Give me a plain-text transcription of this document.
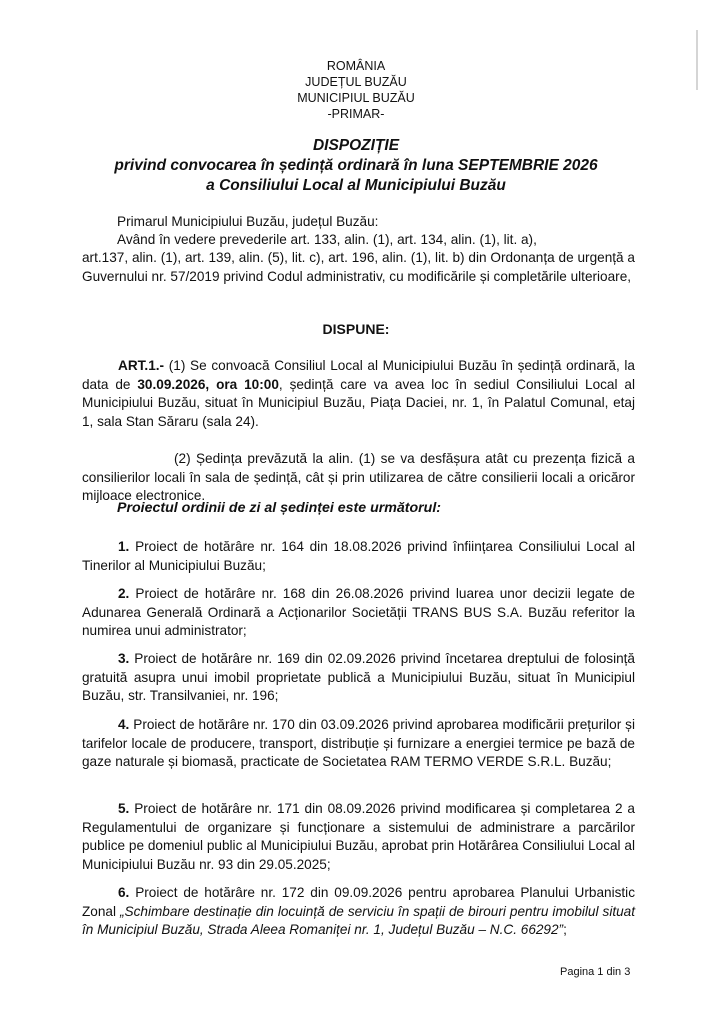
ROMÂNIA
JUDEȚUL BUZĂU
MUNICIPIUL BUZĂU
-PRIMAR-
DISPOZIȚIE
privind convocarea în ședință ordinară în luna SEPTEMBRIE 2026
a Consiliului Local al Municipiului Buzău
Primarul Municipiului Buzău, județul Buzău:
Având în vedere prevederile art. 133, alin. (1), art. 134, alin. (1), lit. a),
art.137, alin. (1), art. 139, alin. (5), lit. c), art. 196, alin. (1), lit. b) din Ordonanța de urgență a Guvernului nr. 57/2019 privind Codul administrativ, cu modificările și completările ulterioare,
DISPUNE:
ART.1.- (1) Se convoacă Consiliul Local al Municipiului Buzău în ședință ordinară, la data de 30.09.2026, ora 10:00, ședință care va avea loc în sediul Consiliului Local al Municipiului Buzău, situat în Municipiul Buzău, Piața Daciei, nr. 1, în Palatul Comunal, etaj 1, sala Stan Săraru (sala 24).
(2) Ședința prevăzută la alin. (1) se va desfășura atât cu prezența fizică a consilierilor locali în sala de ședință, cât și prin utilizarea de către consilierii locali a oricăror mijloace electronice.
Proiectul ordinii de zi al ședinței este următorul:
1. Proiect de hotărâre nr. 164 din 18.08.2026 privind înființarea Consiliului Local al Tinerilor al Municipiului Buzău;
2. Proiect de hotărâre nr. 168 din 26.08.2026 privind luarea unor decizii legate de Adunarea Generală Ordinară a Acționarilor Societății TRANS BUS S.A. Buzău referitor la numirea unui administrator;
3. Proiect de hotărâre nr. 169 din 02.09.2026 privind încetarea dreptului de folosință gratuită asupra unui imobil proprietate publică a Municipiului Buzău, situat în Municipiul Buzău, str. Transilvaniei, nr. 196;
4. Proiect de hotărâre nr. 170 din 03.09.2026 privind aprobarea modificării prețurilor și tarifelor locale de producere, transport, distribuție și furnizare a energiei termice pe bază de gaze naturale și biomasă, practicate de Societatea RAM TERMO VERDE S.R.L. Buzău;
5. Proiect de hotărâre nr. 171 din 08.09.2026 privind modificarea și completarea 2 a Regulamentului de organizare și funcționare a sistemului de administrare a parcărilor publice pe domeniul public al Municipiului Buzău, aprobat prin Hotărârea Consiliului Local al Municipiului Buzău nr. 93 din 29.05.2025;
6. Proiect de hotărâre nr. 172 din 09.09.2026 pentru aprobarea Planului Urbanistic Zonal „Schimbare destinație din locuință de serviciu în spații de birouri pentru imobilul situat în Municipiul Buzău, Strada Aleea Romaniței nr. 1, Județul Buzău – N.C. 66292”;
Pagina 1 din 3
